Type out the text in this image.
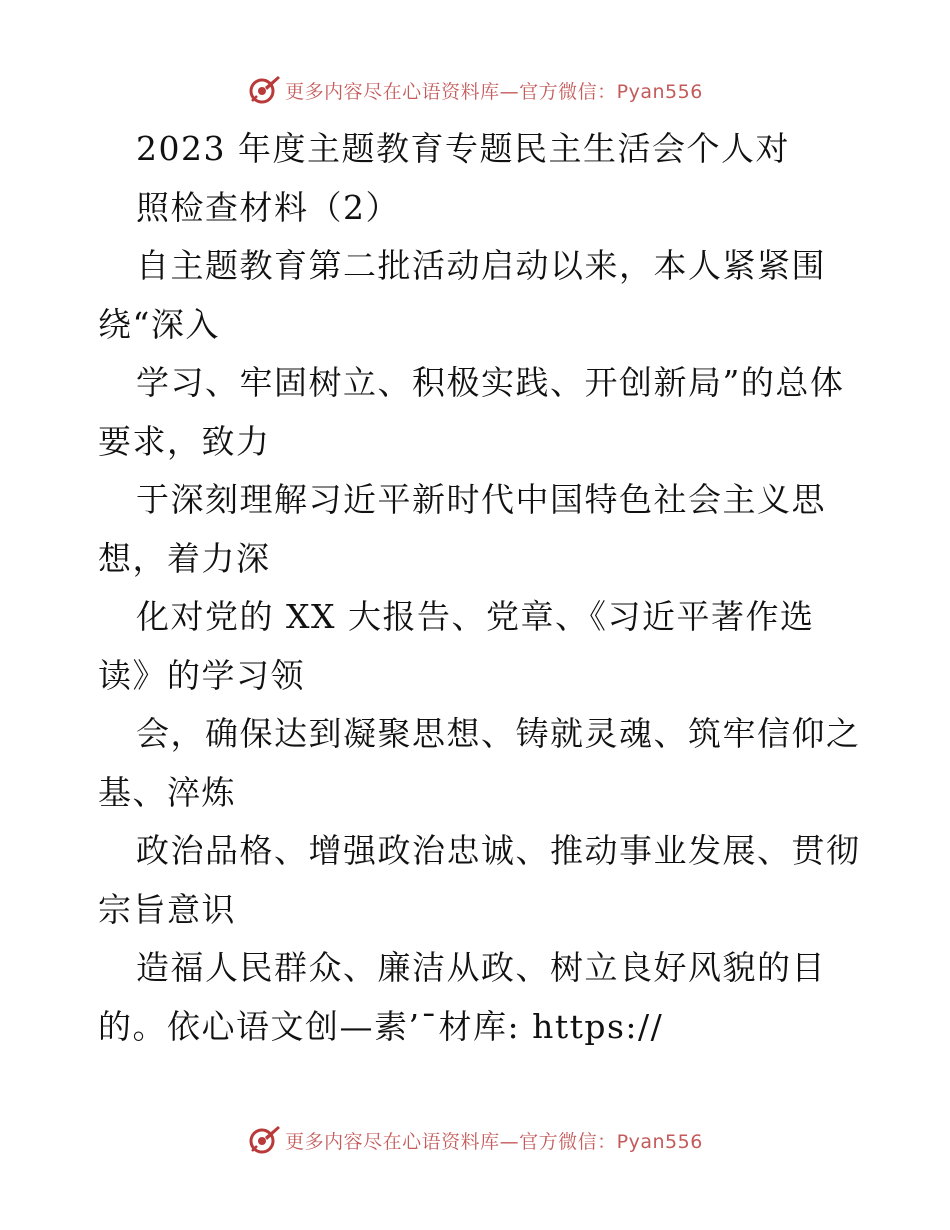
更多内容尽在心语资料库—官方微信：Pyan556
2023 年度主题教育专题民主生活会个人对
照检查材料（2）
自主题教育第二批活动启动以来，本人紧紧围
绕“深入
学习、牢固树立、积极实践、开创新局”的总体
要求，致力
于深刻理解习近平新时代中国特色社会主义思
想，着力深
化对党的 XX 大报告、党章、《习近平著作选
读》的学习领
会，确保达到凝聚思想、铸就灵魂、筑牢信仰之
基、淬炼
政治品格、增强政治忠诚、推动事业发展、贯彻
宗旨意识
造福人民群众、廉洁从政、树立良好风貌的目
的。依心语文创—素’¯材库: https://
更多内容尽在心语资料库—官方微信：Pyan556
